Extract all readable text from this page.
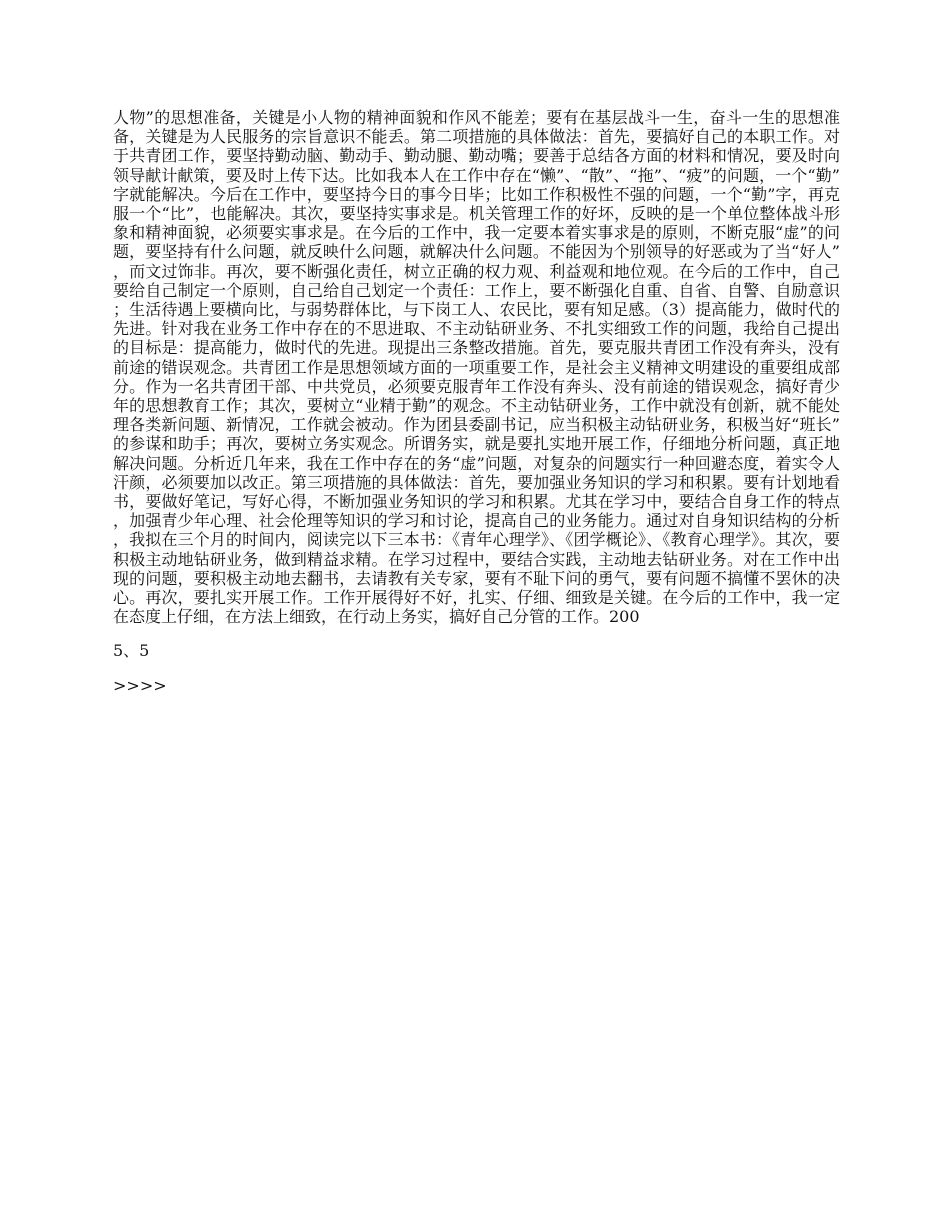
人物”的思想准备，关键是小人物的精神面貌和作风不能差；要有在基层战斗一生，奋斗一生的思想准备，关键是为人民服务的宗旨意识不能丢。第二项措施的具体做法：首先，要搞好自己的本职工作。对于共青团工作，要坚持勤动脑、勤动手、勤动腿、勤动嘴；要善于总结各方面的材料和情况，要及时向领导献计献策，要及时上传下达。比如我本人在工作中存在“懒”、“散”、“拖”、“疲”的问题，一个“勤”字就能解决。今后在工作中，要坚持今日的事今日毕；比如工作积极性不强的问题，一个“勤”字，再克服一个“比”，也能解决。其次，要坚持实事求是。机关管理工作的好坏，反映的是一个单位整体战斗形象和精神面貌，必须要实事求是。在今后的工作中，我一定要本着实事求是的原则，不断克服“虚”的问题，要坚持有什么问题，就反映什么问题，就解决什么问题。不能因为个别领导的好恶或为了当“好人”，而文过饰非。再次，要不断强化责任，树立正确的权力观、利益观和地位观。在今后的工作中，自己要给自己制定一个原则，自己给自己划定一个责任：工作上，要不断强化自重、自省、自警、自励意识；生活待遇上要横向比，与弱势群体比，与下岗工人、农民比，要有知足感。（3）提高能力，做时代的先进。针对我在业务工作中存在的不思进取、不主动钻研业务、不扎实细致工作的问题，我给自己提出的目标是：提高能力，做时代的先进。现提出三条整改措施。首先，要克服共青团工作没有奔头，没有前途的错误观念。共青团工作是思想领域方面的一项重要工作，是社会主义精神文明建设的重要组成部分。作为一名共青团干部、中共党员，必须要克服青年工作没有奔头、没有前途的错误观念，搞好青少年的思想教育工作；其次，要树立“业精于勤”的观念。不主动钻研业务，工作中就没有创新，就不能处理各类新问题、新情况，工作就会被动。作为团县委副书记，应当积极主动钻研业务，积极当好“班长”的参谋和助手；再次，要树立务实观念。所谓务实，就是要扎实地开展工作，仔细地分析问题，真正地解决问题。分析近几年来，我在工作中存在的务“虚”问题，对复杂的问题实行一种回避态度，着实令人汗颜，必须要加以改正。第三项措施的具体做法：首先，要加强业务知识的学习和积累。要有计划地看书，要做好笔记，写好心得，不断加强业务知识的学习和积累。尤其在学习中，要结合自身工作的特点，加强青少年心理、社会伦理等知识的学习和讨论，提高自己的业务能力。通过对自身知识结构的分析，我拟在三个月的时间内，阅读完以下三本书：《青年心理学》、《团学概论》、《教育心理学》。其次，要积极主动地钻研业务，做到精益求精。在学习过程中，要结合实践，主动地去钻研业务。对在工作中出现的问题，要积极主动地去翻书，去请教有关专家，要有不耻下问的勇气，要有问题不搞懂不罢休的决心。再次，要扎实开展工作。工作开展得好不好，扎实、仔细、细致是关键。在今后的工作中，我一定在态度上仔细，在方法上细致，在行动上务实，搞好自己分管的工作。200

5、5

>>>>
